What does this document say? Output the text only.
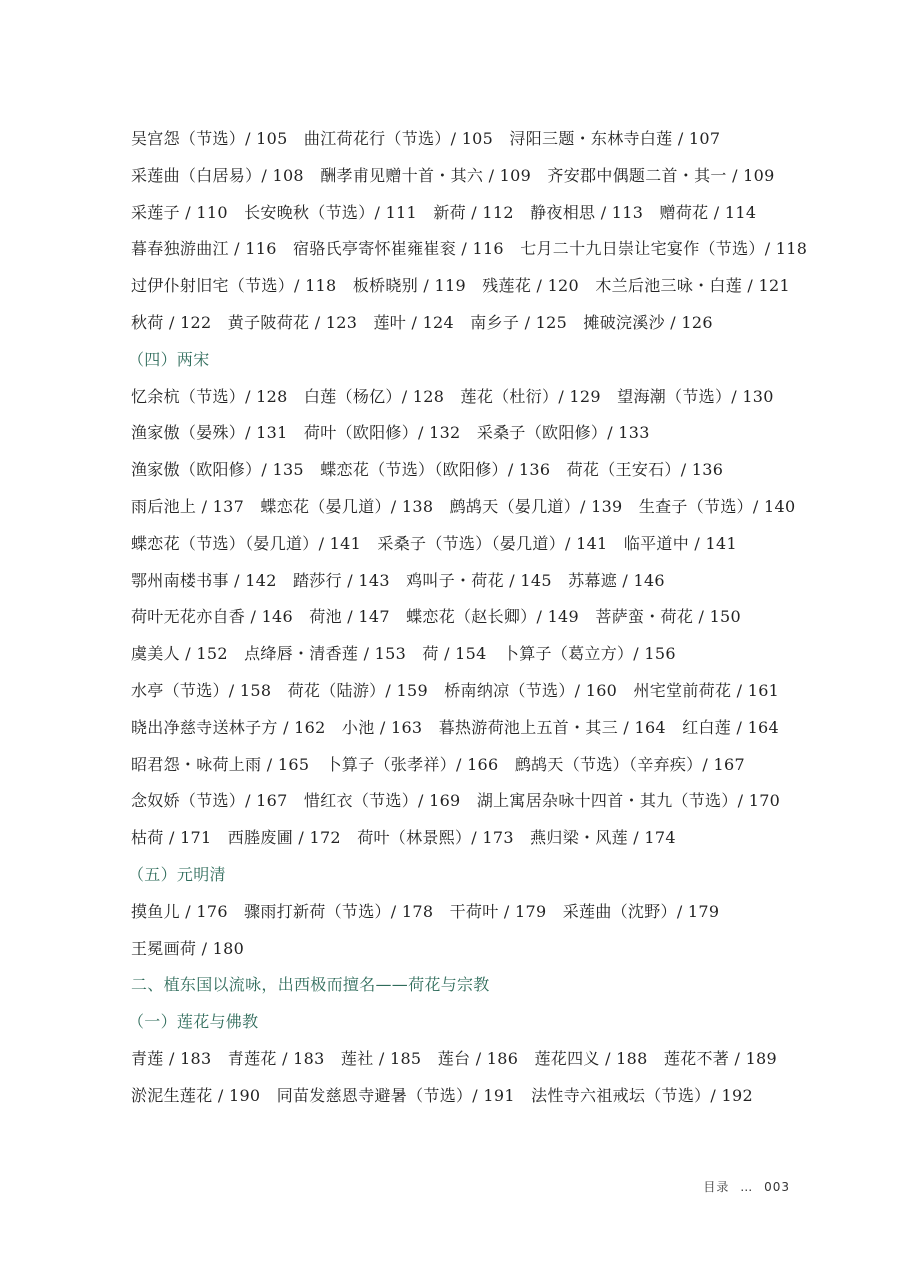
吴宫怨（节选）/ 105　曲江荷花行（节选）/ 105　浔阳三题・东林寺白莲 / 107
采莲曲（白居易）/ 108　酬孝甫见赠十首・其六 / 109　齐安郡中偶题二首・其一 / 109
采莲子 / 110　长安晚秋（节选）/ 111　新荷 / 112　静夜相思 / 113　赠荷花 / 114
暮春独游曲江 / 116　宿骆氏亭寄怀崔雍崔衮 / 116　七月二十九日崇让宅宴作（节选）/ 118
过伊仆射旧宅（节选）/ 118　板桥晓别 / 119　残莲花 / 120　木兰后池三咏・白莲 / 121
秋荷 / 122　黄子陂荷花 / 123　莲叶 / 124　南乡子 / 125　摊破浣溪沙 / 126
（四）两宋
忆余杭（节选）/ 128　白莲（杨亿）/ 128　莲花（杜衍）/ 129　望海潮（节选）/ 130
渔家傲（晏殊）/ 131　荷叶（欧阳修）/ 132　采桑子（欧阳修）/ 133
渔家傲（欧阳修）/ 135　蝶恋花（节选）（欧阳修）/ 136　荷花（王安石）/ 136
雨后池上 / 137　蝶恋花（晏几道）/ 138　鹧鸪天（晏几道）/ 139　生查子（节选）/ 140
蝶恋花（节选）（晏几道）/ 141　采桑子（节选）（晏几道）/ 141　临平道中 / 141
鄂州南楼书事 / 142　踏莎行 / 143　鸡叫子・荷花 / 145　苏幕遮 / 146
荷叶无花亦自香 / 146　荷池 / 147　蝶恋花（赵长卿）/ 149　菩萨蛮・荷花 / 150
虞美人 / 152　点绛唇・清香莲 / 153　荷 / 154　卜算子（葛立方）/ 156
水亭（节选）/ 158　荷花（陆游）/ 159　桥南纳凉（节选）/ 160　州宅堂前荷花 / 161
晓出净慈寺送林子方 / 162　小池 / 163　暮热游荷池上五首・其三 / 164　红白莲 / 164
昭君怨・咏荷上雨 / 165　卜算子（张孝祥）/ 166　鹧鸪天（节选）（辛弃疾）/ 167
念奴娇（节选）/ 167　惜红衣（节选）/ 169　湖上寓居杂咏十四首・其九（节选）/ 170
枯荷 / 171　西塍废圃 / 172　荷叶（林景熙）/ 173　燕归梁・风莲 / 174
（五）元明清
摸鱼儿 / 176　骤雨打新荷（节选）/ 178　干荷叶 / 179　采莲曲（沈野）/ 179
王冕画荷 / 180
二、植东国以流咏，出西极而擅名——荷花与宗教
（一）莲花与佛教
青莲 / 183　青莲花 / 183　莲社 / 185　莲台 / 186　莲花四义 / 188　莲花不著 / 189
淤泥生莲花 / 190　同苗发慈恩寺避暑（节选）/ 191　法性寺六祖戒坛（节选）/ 192
目录 … 003
